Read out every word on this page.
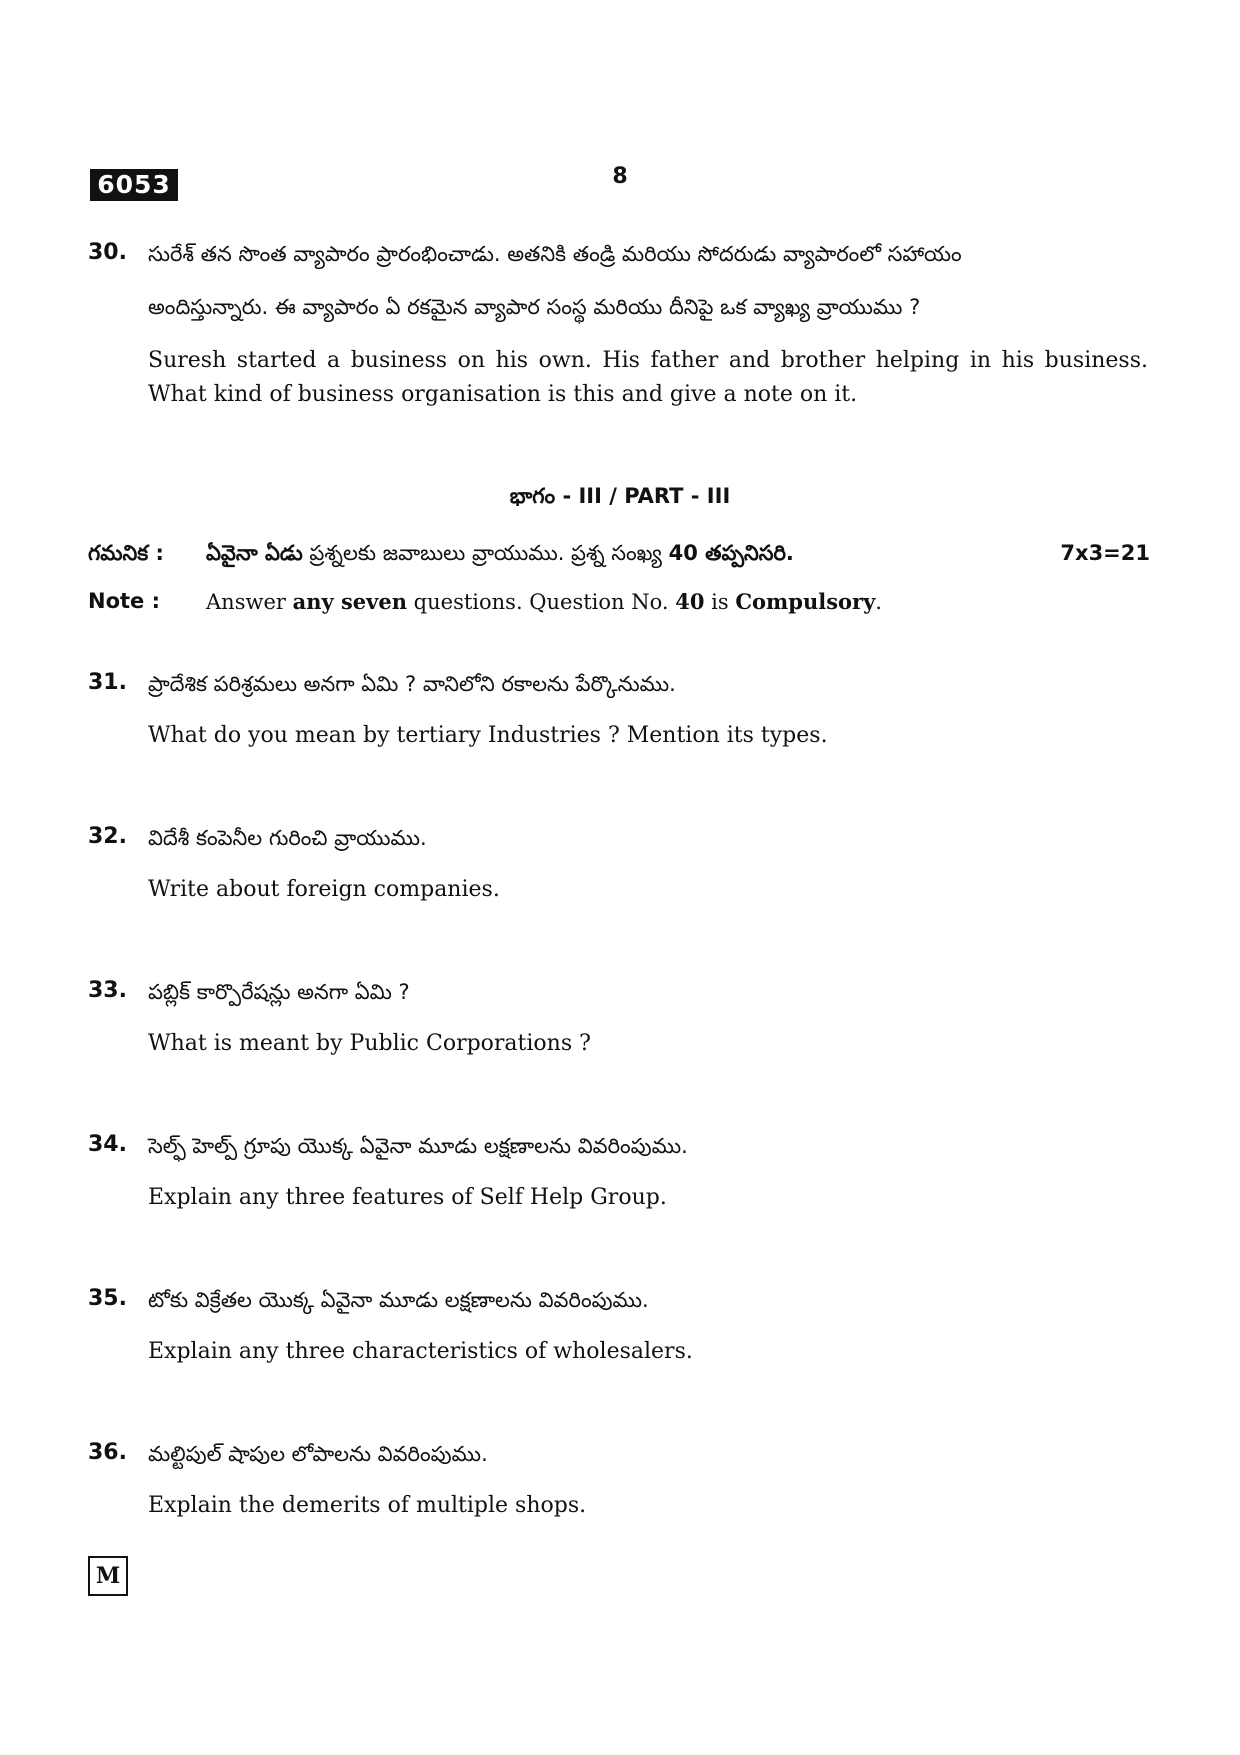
6053	8
30. సురేశ్ తన సొంత వ్యాపారం ప్రారంభించాడు. అతనికి తండ్రి మరియు సోదరుడు వ్యాపారంలో సహాయం
అందిస్తున్నారు. ఈ వ్యాపారం ఏ రకమైన వ్యాపార సంస్థ మరియు దీనిపై ఒక వ్యాఖ్య వ్రాయుము ?
Suresh started a business on his own. His father and brother helping in his business. What kind of business organisation is this and give a note on it.
భాగం - III / PART - III
గమనిక : ఏవైనా ఏడు ప్రశ్నలకు జవాబులు వ్రాయుము. ప్రశ్న సంఖ్య 40 తప్పనిసరి.	7x3=21
Note : Answer any seven questions. Question No. 40 is Compulsory.
31. ప్రాదేశిక పరిశ్రమలు అనగా ఏమి ? వానిలోని రకాలను పేర్కొనుము.
What do you mean by tertiary Industries ? Mention its types.
32. విదేశీ కంపెనీల గురించి వ్రాయుము.
Write about foreign companies.
33. పబ్లిక్ కార్పొరేషన్లు అనగా ఏమి ?
What is meant by Public Corporations ?
34. సెల్ఫ్ హెల్ప్ గ్రూపు యొక్క ఏవైనా మూడు లక్షణాలను వివరింపుము.
Explain any three features of Self Help Group.
35. టోకు విక్రేతల యొక్క ఏవైనా మూడు లక్షణాలను వివరింపుము.
Explain any three characteristics of wholesalers.
36. మల్టిపుల్ షాపుల లోపాలను వివరింపుము.
Explain the demerits of multiple shops.
M
